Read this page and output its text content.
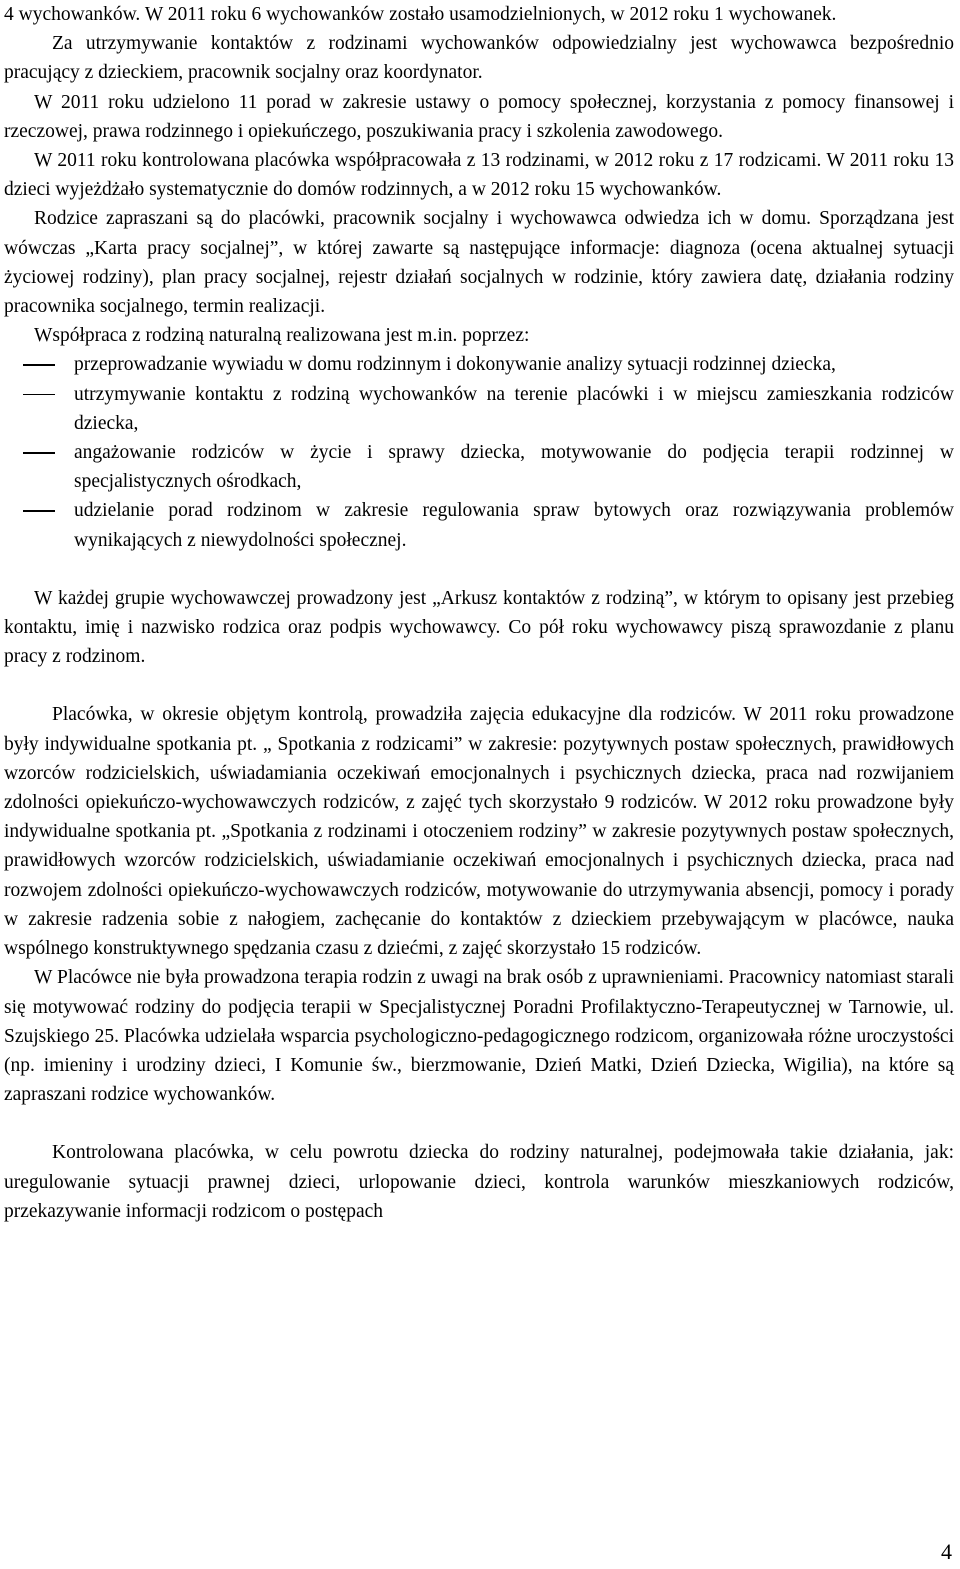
4 wychowanków. W 2011 roku 6 wychowanków zostało usamodzielnionych, w 2012 roku 1 wychowanek.

Za utrzymywanie kontaktów z rodzinami wychowanków odpowiedzialny jest wychowawca bezpośrednio pracujący z dzieckiem, pracownik socjalny oraz koordynator.

W 2011 roku udzielono 11 porad w zakresie ustawy o pomocy społecznej, korzystania z pomocy finansowej i rzeczowej, prawa rodzinnego i opiekuńczego, poszukiwania pracy i szkolenia zawodowego.

W 2011 roku kontrolowana placówka współpracowała z 13 rodzinami, w 2012 roku z 17 rodzicami. W 2011 roku 13 dzieci wyjeżdżało systematycznie do domów rodzinnych, a w 2012 roku 15 wychowanków.

Rodzice zapraszani są do placówki, pracownik socjalny i wychowawca odwiedza ich w domu. Sporządzana jest wówczas „Karta pracy socjalnej”, w której zawarte są następujące informacje: diagnoza (ocena aktualnej sytuacji życiowej rodziny), plan pracy socjalnej, rejestr działań socjalnych w rodzinie, który zawiera datę, działania rodziny pracownika socjalnego, termin realizacji.

Współpraca z rodziną naturalną realizowana jest m.in. poprzez:

przeprowadzanie wywiadu w domu rodzinnym i dokonywanie analizy sytuacji rodzinnej dziecka,
utrzymywanie kontaktu z rodziną wychowanków na terenie placówki i w miejscu zamieszkania rodziców dziecka,
angażowanie rodziców w życie i sprawy dziecka, motywowanie do podjęcia terapii rodzinnej w specjalistycznych ośrodkach,
udzielanie porad rodzinom w zakresie regulowania spraw bytowych oraz rozwiązywania problemów wynikających z niewydolności społecznej.

W każdej grupie wychowawczej prowadzony jest „Arkusz kontaktów z rodziną”, w którym to opisany jest przebieg kontaktu, imię i nazwisko rodzica oraz podpis wychowawcy. Co pół roku wychowawcy piszą sprawozdanie z planu pracy z rodzinom.

Placówka, w okresie objętym kontrolą, prowadziła zajęcia edukacyjne dla rodziców. W 2011 roku prowadzone były indywidualne spotkania pt. „ Spotkania z rodzicami” w zakresie: pozytywnych postaw społecznych, prawidłowych wzorców rodzicielskich, uświadamiania oczekiwań emocjonalnych i psychicznych dziecka, praca nad rozwijaniem zdolności opiekuńczo-wychowawczych rodziców, z zajęć tych skorzystało 9 rodziców. W 2012 roku prowadzone były indywidualne spotkania pt. „Spotkania z rodzinami i otoczeniem rodziny” w zakresie pozytywnych postaw społecznych, prawidłowych wzorców rodzicielskich, uświadamianie oczekiwań emocjonalnych i psychicznych dziecka, praca nad rozwojem zdolności opiekuńczo-wychowawczych rodziców, motywowanie do utrzymywania absencji, pomocy i porady w zakresie radzenia sobie z nałogiem, zachęcanie do kontaktów z dzieckiem przebywającym w placówce, nauka wspólnego konstruktywnego spędzania czasu z dziećmi, z zajęć skorzystało 15 rodziców.

W Placówce nie była prowadzona terapia rodzin z uwagi na brak osób z uprawnieniami. Pracownicy natomiast starali się motywować rodziny do podjęcia terapii w Specjalistycznej Poradni Profilaktyczno-Terapeutycznej w Tarnowie, ul. Szujskiego 25. Placówka udzielała wsparcia psychologiczno-pedagogicznego rodzicom, organizowała różne uroczystości (np. imieniny i urodziny dzieci, I Komunie św., bierzmowanie, Dzień Matki, Dzień Dziecka, Wigilia), na które są zapraszani rodzice wychowanków.

Kontrolowana placówka, w celu powrotu dziecka do rodziny naturalnej, podejmowała takie działania, jak: uregulowanie sytuacji prawnej dzieci, urlopowanie dzieci, kontrola warunków mieszkaniowych rodziców, przekazywanie informacji rodzicom o postępach

4
